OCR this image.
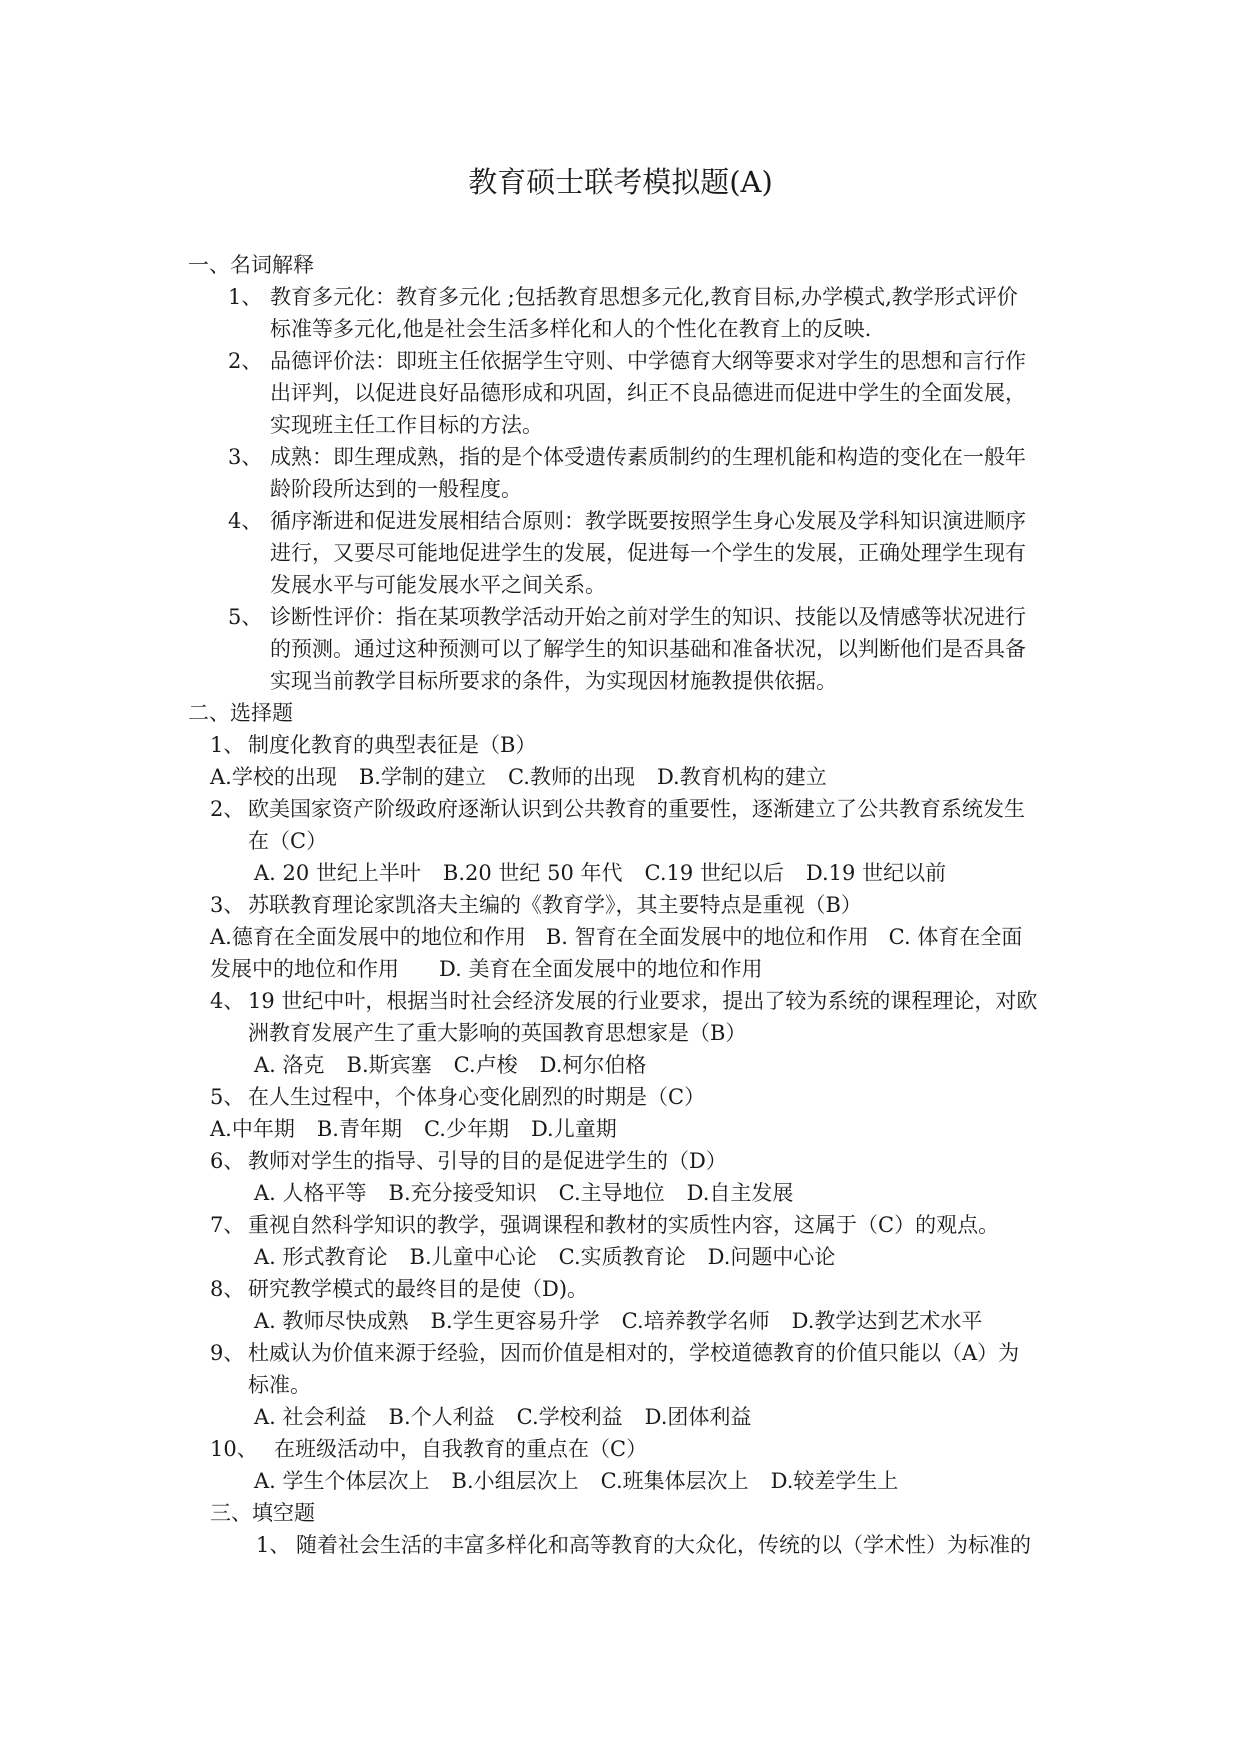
教育硕士联考模拟题(A)
一、名词解释
1、 教育多元化：教育多元化 ;包括教育思想多元化,教育目标,办学模式,教学形式评价
标准等多元化,他是社会生活多样化和人的个性化在教育上的反映.
2、 品德评价法：即班主任依据学生守则、中学德育大纲等要求对学生的思想和言行作
出评判，以促进良好品德形成和巩固，纠正不良品德进而促进中学生的全面发展，
实现班主任工作目标的方法。
3、 成熟：即生理成熟，指的是个体受遗传素质制约的生理机能和构造的变化在一般年
龄阶段所达到的一般程度。
4、 循序渐进和促进发展相结合原则：教学既要按照学生身心发展及学科知识演进顺序
进行，又要尽可能地促进学生的发展，促进每一个学生的发展，正确处理学生现有
发展水平与可能发展水平之间关系。
5、 诊断性评价：指在某项教学活动开始之前对学生的知识、技能以及情感等状况进行
的预测。通过这种预测可以了解学生的知识基础和准备状况，以判断他们是否具备
实现当前教学目标所要求的条件，为实现因材施教提供依据。
二、选择题
1、 制度化教育的典型表征是（B）
A.学校的出现 B.学制的建立 C.教师的出现 D.教育机构的建立
2、 欧美国家资产阶级政府逐渐认识到公共教育的重要性，逐渐建立了公共教育系统发生
在（C）
A. 20 世纪上半叶 B.20 世纪 50 年代 C.19 世纪以后 D.19 世纪以前
3、 苏联教育理论家凯洛夫主编的《教育学》，其主要特点是重视（B）
A.德育在全面发展中的地位和作用   B. 智育在全面发展中的地位和作用   C. 体育在全面
发展中的地位和作用      D. 美育在全面发展中的地位和作用
4、 19 世纪中叶，根据当时社会经济发展的行业要求，提出了较为系统的课程理论，对欧
洲教育发展产生了重大影响的英国教育思想家是（B）
A. 洛克 B.斯宾塞 C.卢梭 D.柯尔伯格
5、 在人生过程中，个体身心变化剧烈的时期是（C）
A.中年期 B.青年期 C.少年期 D.儿童期
6、 教师对学生的指导、引导的目的是促进学生的（D）
A. 人格平等 B.充分接受知识 C.主导地位 D.自主发展
7、 重视自然科学知识的教学，强调课程和教材的实质性内容，这属于（C）的观点。
A. 形式教育论 B.儿童中心论 C.实质教育论 D.问题中心论
8、 研究教学模式的最终目的是使（D)。
A. 教师尽快成熟 B.学生更容易升学 C.培养教学名师 D.教学达到艺术水平
9、 杜威认为价值来源于经验，因而价值是相对的，学校道德教育的价值只能以（A）为
标准。
A. 社会利益 B.个人利益 C.学校利益 D.团体利益
10、 在班级活动中，自我教育的重点在（C）
A. 学生个体层次上 B.小组层次上 C.班集体层次上 D.较差学生上
三、填空题
1、 随着社会生活的丰富多样化和高等教育的大众化，传统的以（学术性）为标准的
